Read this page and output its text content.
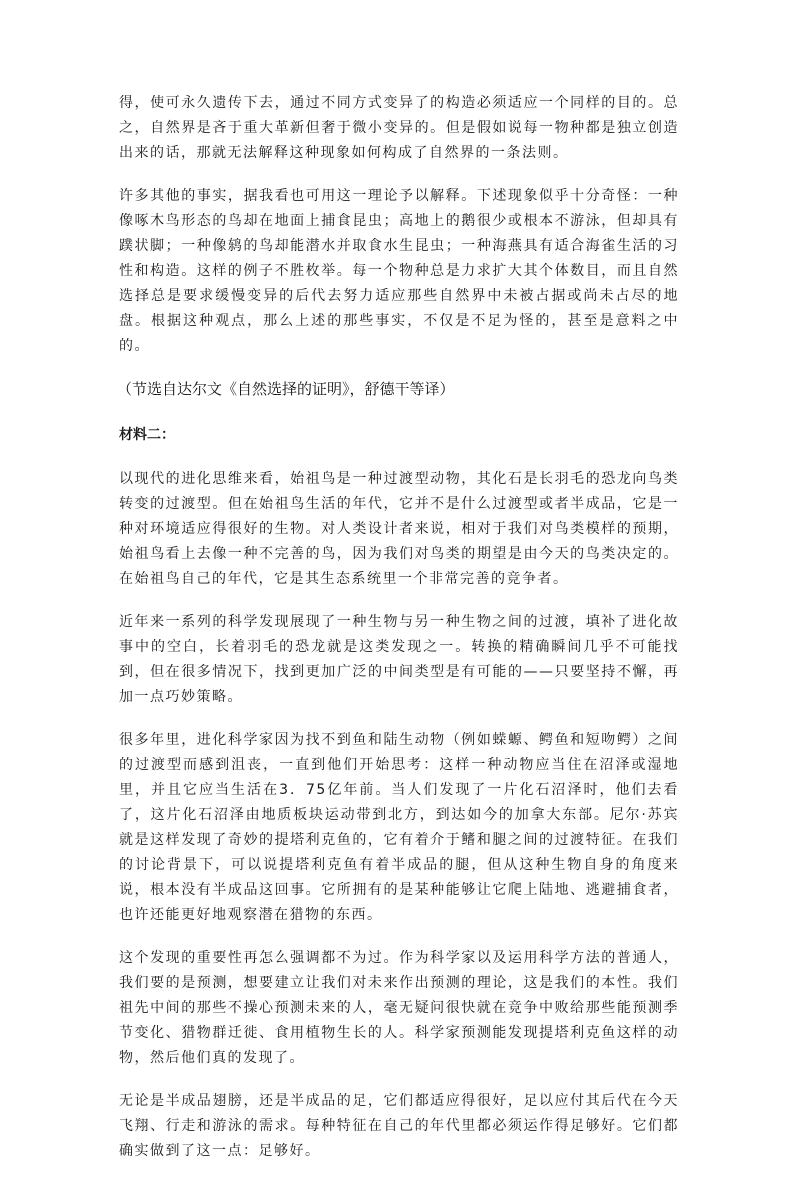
得，使可永久遗传下去，通过不同方式变异了的构造必须适应一个同样的目的。总之，自然界是吝于重大革新但奢于微小变异的。但是假如说每一物种都是独立创造出来的话，那就无法解释这种现象如何构成了自然界的一条法则。

许多其他的事实，据我看也可用这一理论予以解释。下述现象似乎十分奇怪：一种像啄木鸟形态的鸟却在地面上捕食昆虫；高地上的鹅很少或根本不游泳，但却具有蹼状脚；一种像鸫的鸟却能潜水并取食水生昆虫；一种海燕具有适合海雀生活的习性和构造。这样的例子不胜枚举。每一个物种总是力求扩大其个体数目，而且自然选择总是要求缓慢变异的后代去努力适应那些自然界中未被占据或尚未占尽的地盘。根据这种观点，那么上述的那些事实，不仅是不足为怪的，甚至是意料之中的。

（节选自达尔文《自然选择的证明》，舒德干等译）

材料二：

以现代的进化思维来看，始祖鸟是一种过渡型动物，其化石是长羽毛的恐龙向鸟类转变的过渡型。但在始祖鸟生活的年代，它并不是什么过渡型或者半成品，它是一种对环境适应得很好的生物。对人类设计者来说，相对于我们对鸟类模样的预期，始祖鸟看上去像一种不完善的鸟，因为我们对鸟类的期望是由今天的鸟类决定的。在始祖鸟自己的年代，它是其生态系统里一个非常完善的竞争者。

近年来一系列的科学发现展现了一种生物与另一种生物之间的过渡，填补了进化故事中的空白，长着羽毛的恐龙就是这类发现之一。转换的精确瞬间几乎不可能找到，但在很多情况下，找到更加广泛的中间类型是有可能的——只要坚持不懈，再加一点巧妙策略。

很多年里，进化科学家因为找不到鱼和陆生动物（例如蝾螈、鳄鱼和短吻鳄）之间的过渡型而感到沮丧，一直到他们开始思考：这样一种动物应当住在沼泽或湿地里，并且它应当生活在3．75亿年前。当人们发现了一片化石沼泽时，他们去看了，这片化石沼泽由地质板块运动带到北方，到达如今的加拿大东部。尼尔·苏宾就是这样发现了奇妙的提塔利克鱼的，它有着介于鳍和腿之间的过渡特征。在我们的讨论背景下，可以说提塔利克鱼有着半成品的腿，但从这种生物自身的角度来说，根本没有半成品这回事。它所拥有的是某种能够让它爬上陆地、逃避捕食者，也许还能更好地观察潜在猎物的东西。

这个发现的重要性再怎么强调都不为过。作为科学家以及运用科学方法的普通人，我们要的是预测，想要建立让我们对未来作出预测的理论，这是我们的本性。我们祖先中间的那些不操心预测未来的人，毫无疑问很快就在竞争中败给那些能预测季节变化、猎物群迁徙、食用植物生长的人。科学家预测能发现提塔利克鱼这样的动物，然后他们真的发现了。

无论是半成品翅膀，还是半成品的足，它们都适应得很好，足以应付其后代在今天飞翔、行走和游泳的需求。每种特征在自己的年代里都必须运作得足够好。它们都确实做到了这一点：足够好。
